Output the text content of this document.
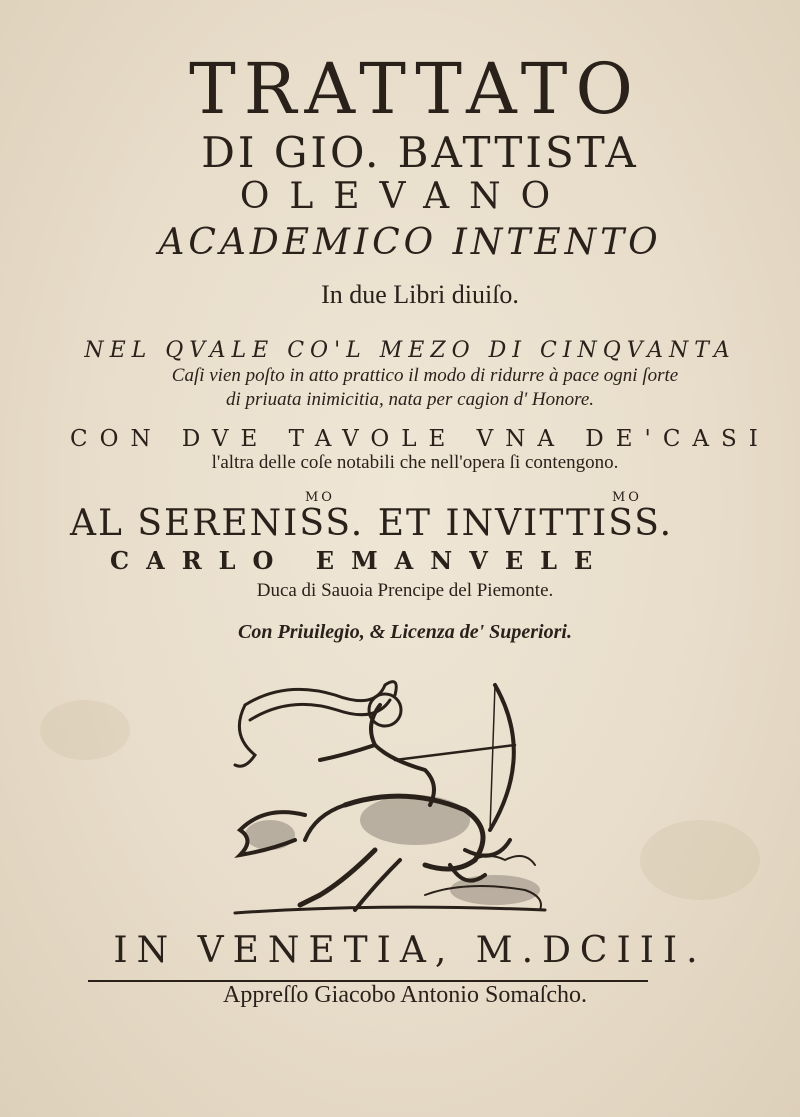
TRATTATO
DI GIO. BATTISTA
OLEVANO
ACADEMICO INTENTO
In due Libri diuiſo.
NEL QVALE CO'L MEZO DI CINQVANTA
Caſi vien poſto in atto prattico il modo di ridurre à pace ogni ſorte
di priuata inimicitia, nata per cagion d' Honore.
CON DVE TAVOLE VNA DE'CASI
l'altra delle coſe notabili che nell'opera ſi contengono.
MO	MO
AL SERENISS. ET INVITTISS.
CARLO EMANVELE
Duca di Sauoia Prencipe del Piemonte.
Con Priuilegio, & Licenza de' Superiori.
IN VENETIA, M.DCIII.
Appreſſo Giacobo Antonio Somaſcho.
